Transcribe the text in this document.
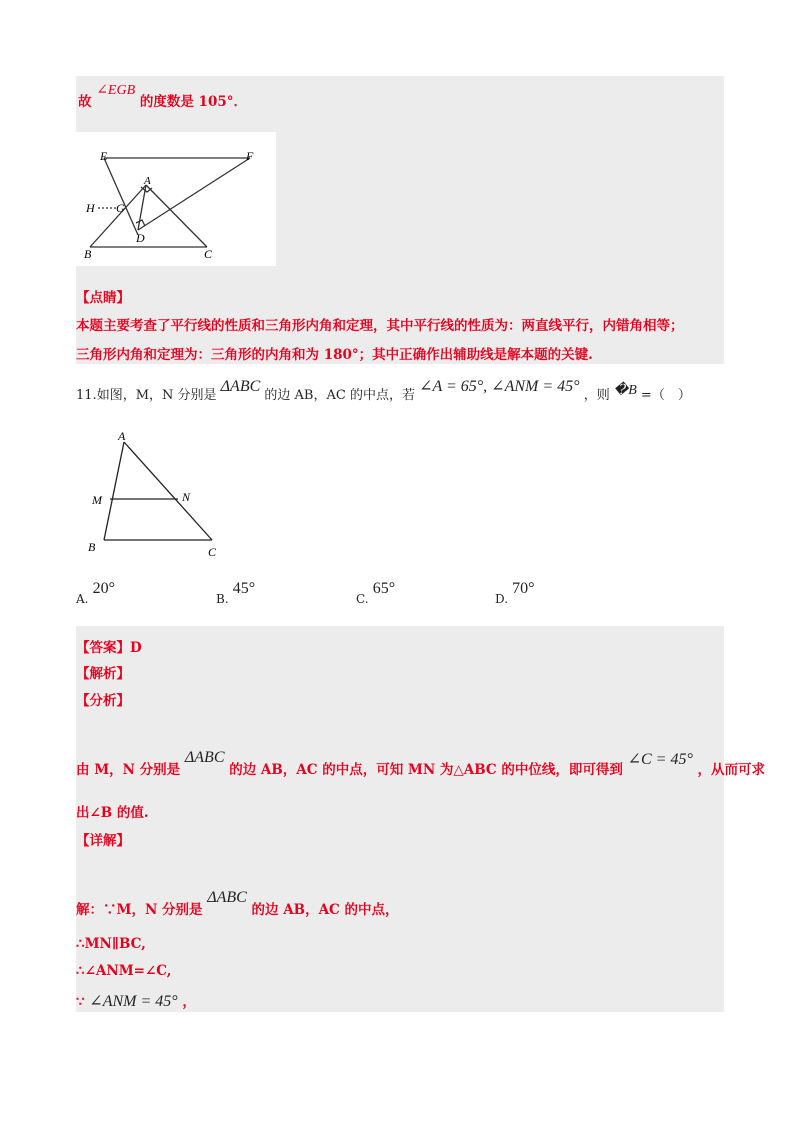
故 ∠EGB 的度数是 105°．
E	F
A
H G
D
B	C
【点睛】
本题主要考查了平行线的性质和三角形内角和定理，其中平行线的性质为：两直线平行，内错角相等；
三角形内角和定理为：三角形的内角和为 180°；其中正确作出辅助线是解本题的关键.
11.如图，M，N 分别是 ΔABC 的边 AB，AC 的中点，若 ∠A = 65°, ∠ANM = 45° ，则 �B =（　）
A
M	N
B	C
A. 20°
B. 45°
C. 65°
D. 70°
【答案】D
【解析】
【分析】
由 M，N 分别是 ΔABC 的边 AB，AC 的中点，可知 MN 为△ABC 的中位线，即可得到 ∠C = 45° ，从而可求
出∠B 的值.
【详解】
解：∵M，N 分别是 ΔABC 的边 AB，AC 的中点，
∴MN∥BC,
∴∠ANM=∠C,
∵ ∠ANM = 45° ，
